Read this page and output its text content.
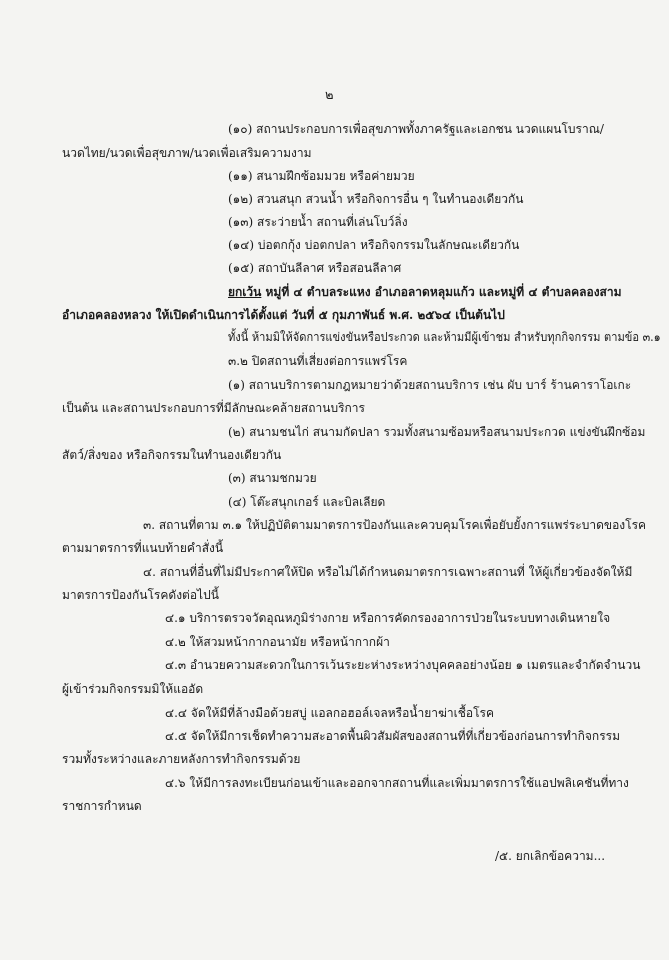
๒
(๑๐) สถานประกอบการเพื่อสุขภาพทั้งภาครัฐและเอกชน นวดแผนโบราณ/
นวดไทย/นวดเพื่อสุขภาพ/นวดเพื่อเสริมความงาม
(๑๑) สนามฝึกซ้อมมวย หรือค่ายมวย
(๑๒) สวนสนุก สวนน้ำ หรือกิจการอื่น ๆ ในทำนองเดียวกัน
(๑๓) สระว่ายน้ำ สถานที่เล่นโบว์ลิ่ง
(๑๔) บ่อตกกุ้ง บ่อตกปลา หรือกิจกรรมในลักษณะเดียวกัน
(๑๕) สถาบันลีลาศ หรือสอนลีลาศ
ยกเว้น หมู่ที่ ๔ ตำบลระแหง อำเภอลาดหลุมแก้ว และหมู่ที่ ๔ ตำบลคลองสาม
อำเภอคลองหลวง ให้เปิดดำเนินการได้ตั้งแต่ วันที่ ๕ กุมภาพันธ์ พ.ศ. ๒๕๖๔ เป็นต้นไป
ทั้งนี้ ห้ามมิให้จัดการแข่งขันหรือประกวด และห้ามมีผู้เข้าชม สำหรับทุกกิจกรรม ตามข้อ ๓.๑
๓.๒ ปิดสถานที่เสี่ยงต่อการแพร่โรค
(๑) สถานบริการตามกฎหมายว่าด้วยสถานบริการ เช่น ผับ บาร์ ร้านคาราโอเกะ
เป็นต้น และสถานประกอบการที่มีลักษณะคล้ายสถานบริการ
(๒) สนามชนไก่ สนามกัดปลา รวมทั้งสนามซ้อมหรือสนามประกวด แข่งขันฝึกซ้อม
สัตว์/สิ่งของ หรือกิจกรรมในทำนองเดียวกัน
(๓) สนามชกมวย
(๔) โต๊ะสนุกเกอร์ และบิลเลียด
๓. สถานที่ตาม ๓.๑ ให้ปฏิบัติตามมาตรการป้องกันและควบคุมโรคเพื่อยับยั้งการแพร่ระบาดของโรค
ตามมาตรการที่แนบท้ายคำสั่งนี้
๔. สถานที่อื่นที่ไม่มีประกาศให้ปิด หรือไม่ได้กำหนดมาตรการเฉพาะสถานที่ ให้ผู้เกี่ยวข้องจัดให้มี
มาตรการป้องกันโรคดังต่อไปนี้
๔.๑ บริการตรวจวัดอุณหภูมิร่างกาย หรือการคัดกรองอาการป่วยในระบบทางเดินหายใจ
๔.๒ ให้สวมหน้ากากอนามัย หรือหน้ากากผ้า
๔.๓ อำนวยความสะดวกในการเว้นระยะห่างระหว่างบุคคลอย่างน้อย ๑ เมตรและจำกัดจำนวน
ผู้เข้าร่วมกิจกรรมมิให้แออัด
๔.๔ จัดให้มีที่ล้างมือด้วยสบู่ แอลกอฮอล์เจลหรือน้ำยาฆ่าเชื้อโรค
๔.๕ จัดให้มีการเช็ดทำความสะอาดพื้นผิวสัมผัสของสถานที่ที่เกี่ยวข้องก่อนการทำกิจกรรม
รวมทั้งระหว่างและภายหลังการทำกิจกรรมด้วย
๔.๖ ให้มีการลงทะเบียนก่อนเข้าและออกจากสถานที่และเพิ่มมาตรการใช้แอปพลิเคชันที่ทาง
ราชการกำหนด
/๕. ยกเลิกข้อความ...
